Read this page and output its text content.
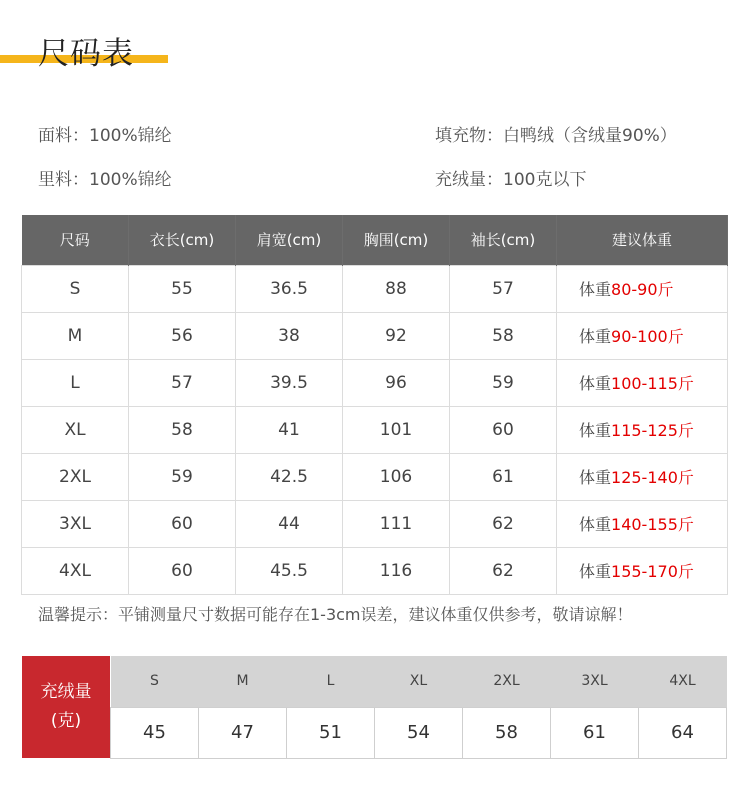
尺码表
面料：100%锦纶
里料：100%锦纶
填充物：白鸭绒（含绒量90%）
充绒量：100克以下
尺码	衣长(cm)	肩宽(cm)	胸围(cm)	袖长(cm)	建议体重
S	55	36.5	88	57	体重80-90斤
M	56	38	92	58	体重90-100斤
L	57	39.5	96	59	体重100-115斤
XL	58	41	101	60	体重115-125斤
2XL	59	42.5	106	61	体重125-140斤
3XL	60	44	111	62	体重140-155斤
4XL	60	45.5	116	62	体重155-170斤
温馨提示：平铺测量尺寸数据可能存在1-3cm误差，建议体重仅供参考，敬请谅解！
充绒量
(克)
S	M	L	XL	2XL	3XL	4XL
45	47	51	54	58	61	64
